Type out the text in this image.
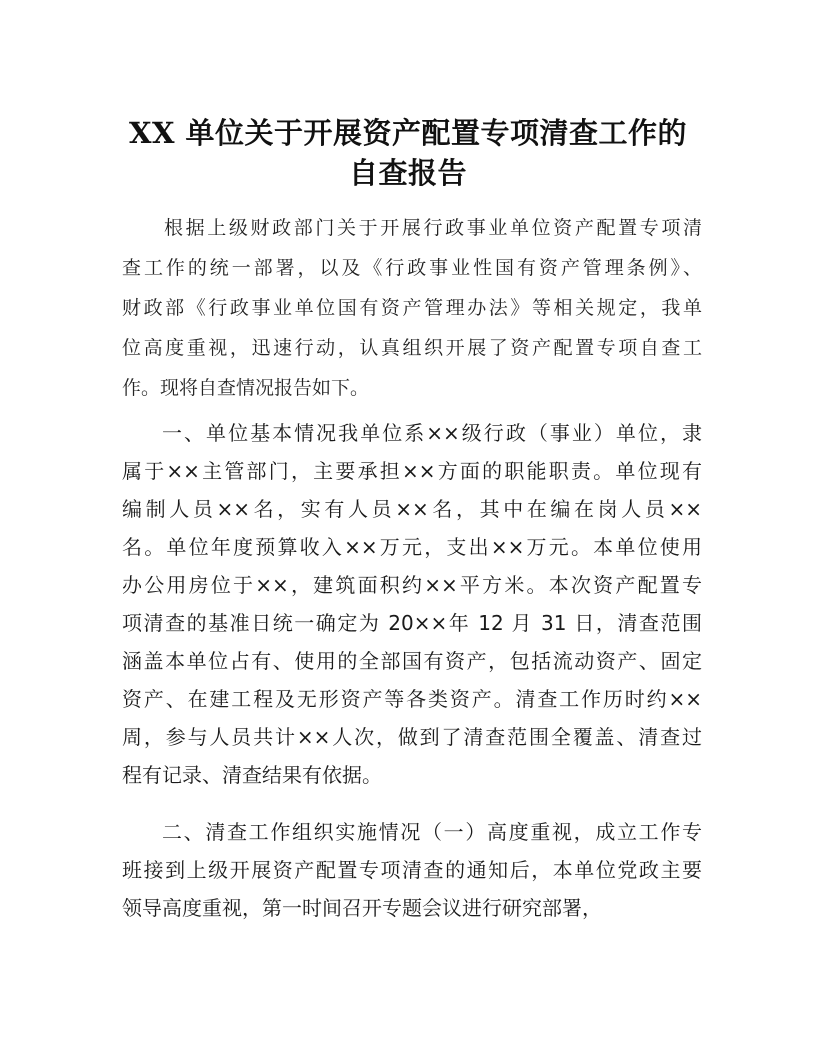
XX 单位关于开展资产配置专项清查工作的
自查报告
根据上级财政部门关于开展行政事业单位资产配置专项清
查工作的统一部署，以及《行政事业性国有资产管理条例》、
财政部《行政事业单位国有资产管理办法》等相关规定，我单
位高度重视，迅速行动，认真组织开展了资产配置专项自查工
作。现将自查情况报告如下。
一、单位基本情况我单位系××级行政（事业）单位，隶
属于××主管部门，主要承担××方面的职能职责。单位现有
编制人员××名，实有人员××名，其中在编在岗人员××
名。单位年度预算收入××万元，支出××万元。本单位使用
办公用房位于××，建筑面积约××平方米。本次资产配置专
项清查的基准日统一确定为 20××年 12 月 31 日，清查范围
涵盖本单位占有、使用的全部国有资产，包括流动资产、固定
资产、在建工程及无形资产等各类资产。清查工作历时约××
周，参与人员共计××人次，做到了清查范围全覆盖、清查过
程有记录、清查结果有依据。
二、清查工作组织实施情况（一）高度重视，成立工作专
班接到上级开展资产配置专项清查的通知后，本单位党政主要
领导高度重视，第一时间召开专题会议进行研究部署，
